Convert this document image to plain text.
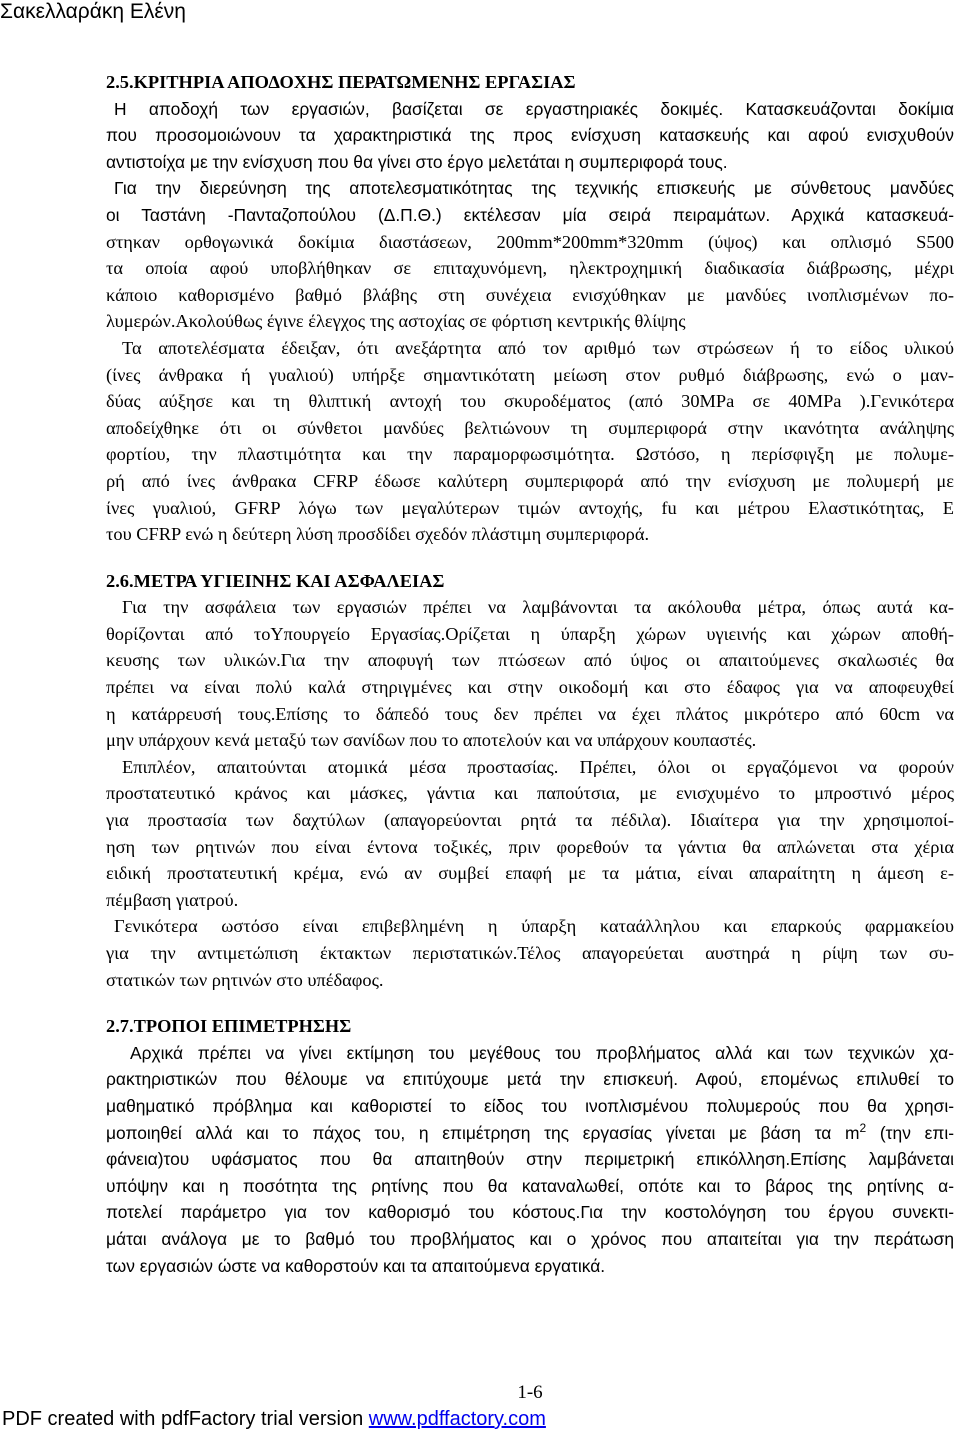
Σακελλαράκη Ελένη
2.5.ΚΡΙΤΗΡΙΑ ΑΠΟΔΟΧΗΣ ΠΕΡΑΤΩΜΕΝΗΣ ΕΡΓΑΣΙΑΣ
Η αποδοχή των εργασιών, βασίζεται σε εργαστηριακές δοκιμές. Κατασκευάζονται δοκίμια
που προσομοιώνουν τα χαρακτηριστικά της προς ενίσχυση κατασκευής και αφού ενισχυθούν
αντιστοίχα με την ενίσχυση που θα γίνει στο έργο μελετάται η συμπεριφορά τους.
Για την διερεύνηση της αποτελεσματικότητας της τεχνικής επισκευής με σύνθετους μανδύες
οι Ταστάνη -Πανταζοπούλου (Δ.Π.Θ.) εκτέλεσαν μία σειρά πειραμάτων. Αρχικά κατασκευά-
στηκαν ορθογωνικά δοκίμια διαστάσεων, 200mm*200mm*320mm (ύψος) και οπλισμό S500
τα οποία αφού υποβλήθηκαν σε επιταχυνόμενη, ηλεκτροχημική διαδικασία διάβρωσης, μέχρι
κάποιο καθορισμένο βαθμό βλάβης στη συνέχεια ενισχύθηκαν με μανδύες ινοπλισμένων πο-
λυμερών.Ακολούθως έγινε έλεγχος της αστοχίας σε φόρτιση κεντρικής θλίψης
Τα αποτελέσματα έδειξαν, ότι ανεξάρτητα από τον αριθμό των στρώσεων ή το είδος υλικού
(ίνες άνθρακα ή γυαλιού) υπήρξε σημαντικότατη μείωση στον ρυθμό διάβρωσης, ενώ ο μαν-
δύας αύξησε και τη θλιπτική αντοχή του σκυροδέματος (από 30MPa σε 40MPa ).Γενικότερα
αποδείχθηκε ότι οι σύνθετοι μανδύες βελτιώνουν τη συμπεριφορά στην ικανότητα ανάληψης
φορτίου, την πλαστιμότητα και την παραμορφωσιμότητα. Ωστόσο, η περίσφιγξη με πολυμε-
ρή από ίνες άνθρακα CFRP έδωσε καλύτερη συμπεριφορά από την ενίσχυση με πολυμερή με
ίνες γυαλιού, GFRP λόγω των μεγαλύτερων τιμών αντοχής, fu και μέτρου Ελαστικότητας, E
του CFRP ενώ η δεύτερη λύση προσδίδει σχεδόν πλάστιμη συμπεριφορά.
2.6.ΜΕΤΡΑ ΥΓΙΕΙΝΗΣ ΚΑΙ ΑΣΦΑΛΕΙΑΣ
Για την ασφάλεια των εργασιών πρέπει να λαμβάνονται τα ακόλουθα μέτρα, όπως αυτά κα-
θορίζονται από τοΥπουργείο Εργασίας.Ορίζεται η ύπαρξη χώρων υγιεινής και χώρων αποθή-
κευσης των υλικών.Για την αποφυγή των πτώσεων από ύψος οι απαιτούμενες σκαλωσιές θα
πρέπει να είναι πολύ καλά στηριγμένες και στην οικοδομή και στο έδαφος για να αποφευχθεί
η κατάρρευσή τους.Επίσης το δάπεδό τους δεν πρέπει να έχει πλάτος μικρότερο από 60cm να
μην υπάρχουν κενά μεταξύ των σανίδων που το αποτελούν και να υπάρχουν κουπαστές.
Επιπλέον, απαιτούνται ατομικά μέσα προστασίας. Πρέπει, όλοι οι εργαζόμενοι να φορούν
προστατευτικό κράνος και μάσκες, γάντια και παπούτσια, με ενισχυμένο το μπροστινό μέρος
για προστασία των δαχτύλων (απαγορεύονται ρητά τα πέδιλα). Ιδιαίτερα για την χρησιμοποί-
ηση των ρητινών που είναι έντονα τοξικές, πριν φορεθούν τα γάντια θα απλώνεται στα χέρια
ειδική προστατευτική κρέμα, ενώ αν συμβεί επαφή με τα μάτια, είναι απαραίτητη η άμεση ε-
πέμβαση γιατρού.
Γενικότερα ωστόσο είναι επιβεβλημένη η ύπαρξη καταάλληλου και επαρκούς φαρμακείου
για την αντιμετώπιση έκτακτων περιστατικών.Τέλος απαγορεύεται αυστηρά η ρίψη των συ-
στατικών των ρητινών στο υπέδαφος.
2.7.ΤΡΟΠΟΙ ΕΠΙΜΕΤΡΗΣΗΣ
Αρχικά πρέπει να γίνει εκτίμηση του μεγέθους του προβλήματος αλλά και των τεχνικών χα-
ρακτηριστικών που θέλουμε να επιτύχουμε μετά την επισκευή. Αφού, επομένως επιλυθεί το
μαθηματικό πρόβλημα και καθοριστεί το είδος του ινοπλισμένου πολυμερούς που θα χρησι-
μοποιηθεί αλλά και το πάχος του, η επιμέτρηση της εργασίας γίνεται με βάση τα $m^2$ (την επι-
φάνεια)του υφάσματος που θα απαιτηθούν στην περιμετρική επικόλληση.Επίσης λαμβάνεται
υπόψην και η ποσότητα της ρητίνης που θα καταναλωθεί, οπότε και το βάρος της ρητίνης α-
ποτελεί παράμετρο για τον καθορισμό του κόστους.Για την κοστολόγηση του έργου συνεκτι-
μάται ανάλογα με το βαθμό του προβλήματος και ο χρόνος που απαιτείται για την περάτωση
των εργασιών ώστε να καθορστούν και τα απαιτούμενα εργατικά.
1-6
PDF created with pdfFactory trial version www.pdffactory.com
